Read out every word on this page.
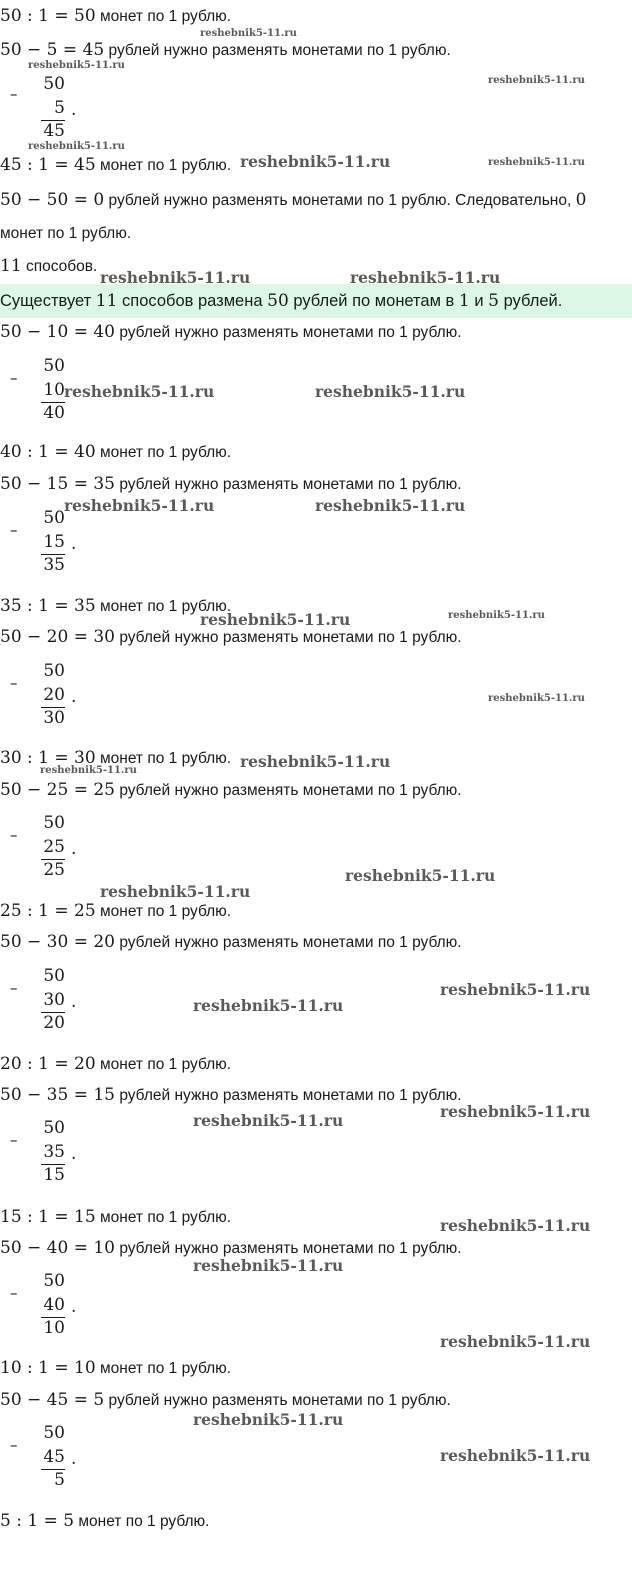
50 : 1 = 50 монет по 1 рублю.
50 − 5 = 45 рублей нужно разменять монетами по 1 рублю.
45 : 1 = 45 монет по 1 рублю.
50 − 50 = 0 рублей нужно разменять монетами по 1 рублю. Следовательно, 0
монет по 1 рублю.
11 способов.
Существует 11 способов размена 50 рублей по монетам в 1 и 5 рублей.
50 − 10 = 40 рублей нужно разменять монетами по 1 рублю.
40 : 1 = 40 монет по 1 рублю.
50 − 15 = 35 рублей нужно разменять монетами по 1 рублю.
35 : 1 = 35 монет по 1 рублю.
50 − 20 = 30 рублей нужно разменять монетами по 1 рублю.
30 : 1 = 30 монет по 1 рублю.
50 − 25 = 25 рублей нужно разменять монетами по 1 рублю.
25 : 1 = 25 монет по 1 рублю.
50 − 30 = 20 рублей нужно разменять монетами по 1 рублю.
20 : 1 = 20 монет по 1 рублю.
50 − 35 = 15 рублей нужно разменять монетами по 1 рублю.
15 : 1 = 15 монет по 1 рублю.
50 − 40 = 10 рублей нужно разменять монетами по 1 рублю.
10 : 1 = 10 монет по 1 рублю.
50 − 45 = 5 рублей нужно разменять монетами по 1 рублю.
5 : 1 = 5 монет по 1 рублю.
– 50
5 .
45
–
50
10
40
–
50
15 .
35
–
50
20 .
30
–
50
25 .
25
–
50
30 .
20
–
50
35 .
15
–
50
40 .
10
–
50
45 .
5
reshebnik5-11.ru
reshebnik5-11.ru
reshebnik5-11.ru
reshebnik5-11.ru
reshebnik5-11.ru	reshebnik5-11.ru
reshebnik5-11.ru	reshebnik5-11.ru
reshebnik5-11.ru	reshebnik5-11.ru
reshebnik5-11.ru	reshebnik5-11.ru
reshebnik5-11.ru	reshebnik5-11.ru
reshebnik5-11.ru
reshebnik5-11.ru
reshebnik5-11.ru
reshebnik5-11.ru
reshebnik5-11.ru
reshebnik5-11.ru
reshebnik5-11.ru
reshebnik5-11.ru
reshebnik5-11.ru
reshebnik5-11.ru
reshebnik5-11.ru
reshebnik5-11.ru
reshebnik5-11.ru
reshebnik5-11.ru
